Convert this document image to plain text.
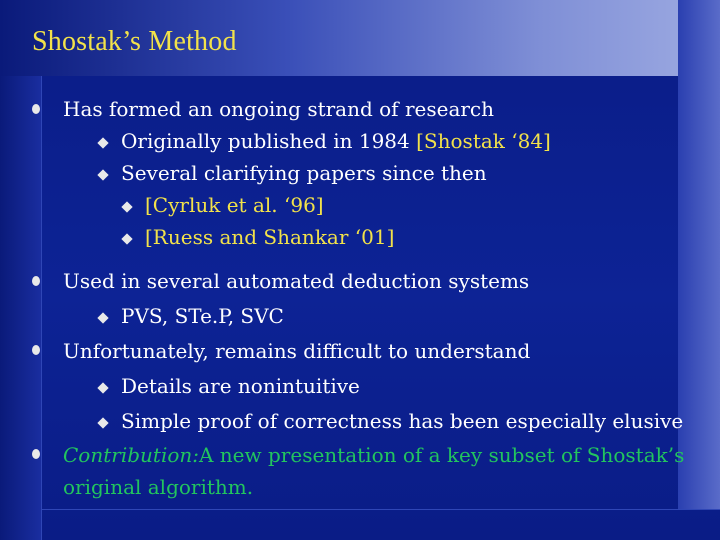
Shostak’s Method
Has formed an ongoing strand of research
Originally published in 1984 [Shostak ‘84]
Several clarifying papers since then
[Cyrluk et al. ‘96]
[Ruess and Shankar ‘01]
Used in several automated deduction systems
PVS, STe.P, SVC
Unfortunately, remains difficult to understand
Details are nonintuitive
Simple proof of correctness has been especially elusive
Contribution:A new presentation of a key subset of Shostak’s
original algorithm.
